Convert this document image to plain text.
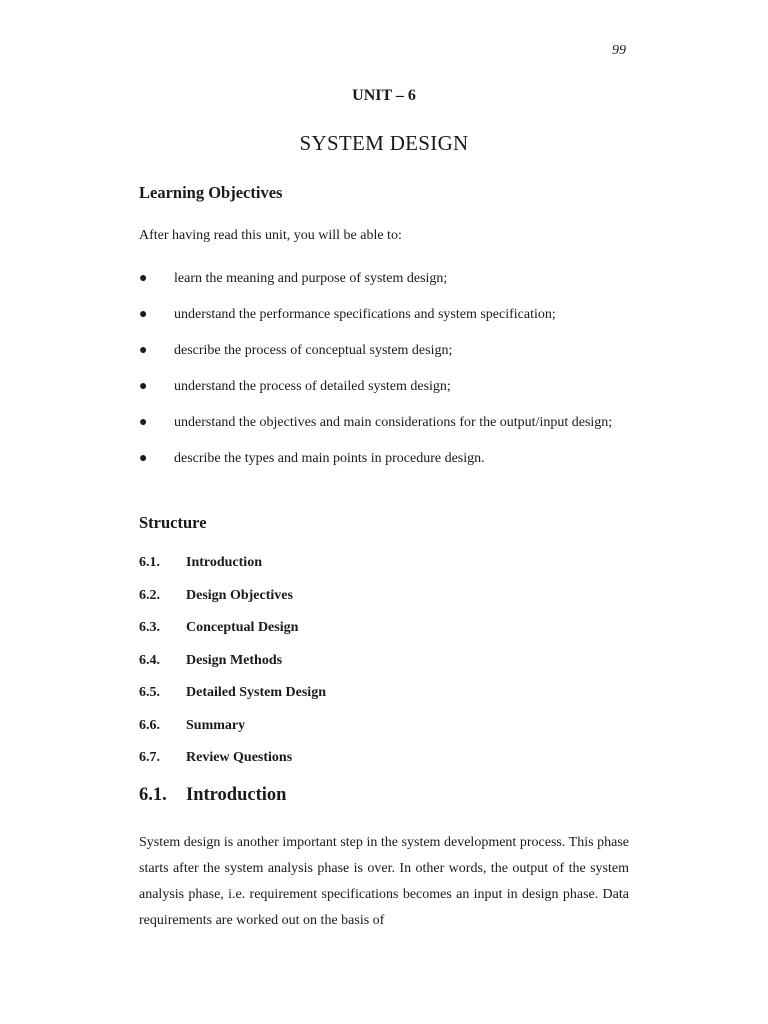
99
UNIT – 6
SYSTEM DESIGN
Learning Objectives
After having read this unit, you will be able to:
● learn the meaning and purpose of system design;
● understand the performance specifications and system specification;
● describe the process of conceptual system design;
● understand the process of detailed system design;
● understand the objectives and main considerations for the output/input design;
● describe the types and main points in procedure design.
Structure
6.1. Introduction
6.2. Design Objectives
6.3. Conceptual Design
6.4. Design Methods
6.5. Detailed System Design
6.6. Summary
6.7. Review Questions
6.1. Introduction

System design is another important step in the system development process. This phase starts after the system analysis phase is over. In other words, the output of the system analysis phase, i.e. requirement specifications becomes an input in design phase. Data requirements are worked out on the basis of
